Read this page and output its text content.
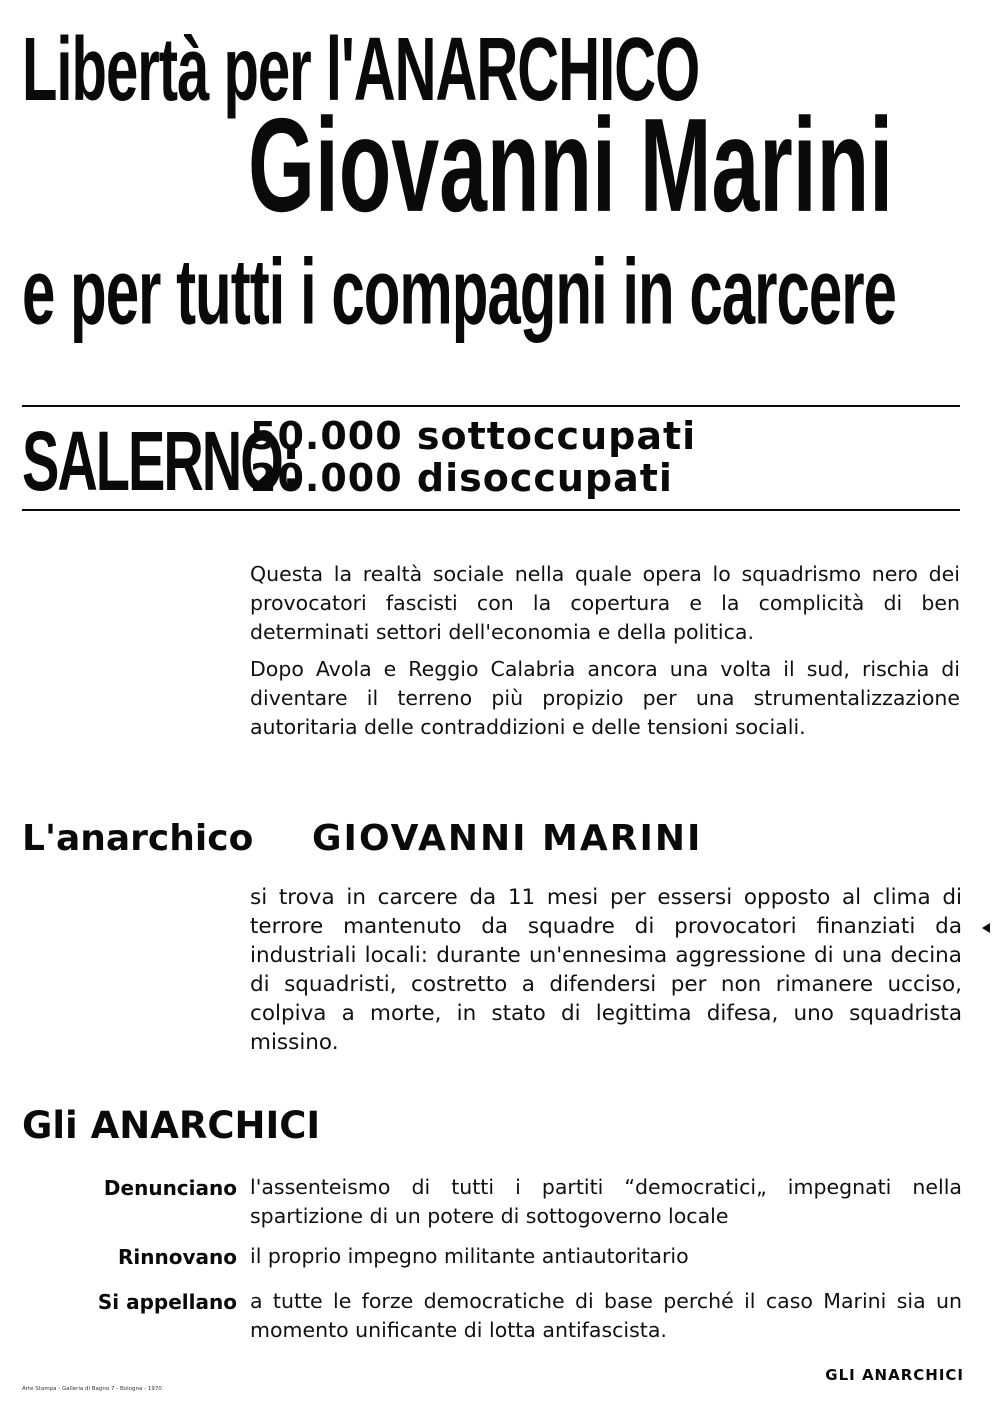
Libertà per l'ANARCHICO
Giovanni Marini
e per tutti i compagni in carcere

SALERNO:

50.000 sottoccupati

20.000 disoccupati

Questa la realtà sociale nella quale opera lo squadrismo nero dei provocatori fascisti con la copertura e la complicità di ben determinati settori dell'economia e della politica.

Dopo Avola e Reggio Calabria ancora una volta il sud, rischia di diventare il terreno più propizio per una strumentalizzazione autoritaria delle contraddizioni e delle tensioni sociali.

L'anarchico GIOVANNI MARINI

si trova in carcere da 11 mesi per essersi opposto al clima di terrore mantenuto da squadre di provocatori finanziati da industriali locali: durante un'ennesima aggressione di una decina di squadristi, costretto a difendersi per non rimanere ucciso, colpiva a morte, in stato di legittima difesa, uno squadrista missino.

Gli ANARCHICI

Denunciano l'assenteismo di tutti i partiti “democratici„ impegnati nella spartizione di un potere di sottogoverno locale

Rinnovano il proprio impegno militante antiautoritario

Si appellano a tutte le forze democratiche di base perché il caso Marini sia un momento unificante di lotta antifascista.

GLI ANARCHICI

Arte Stampa - Galleria di Bagno 7 - Bologna - 1970
